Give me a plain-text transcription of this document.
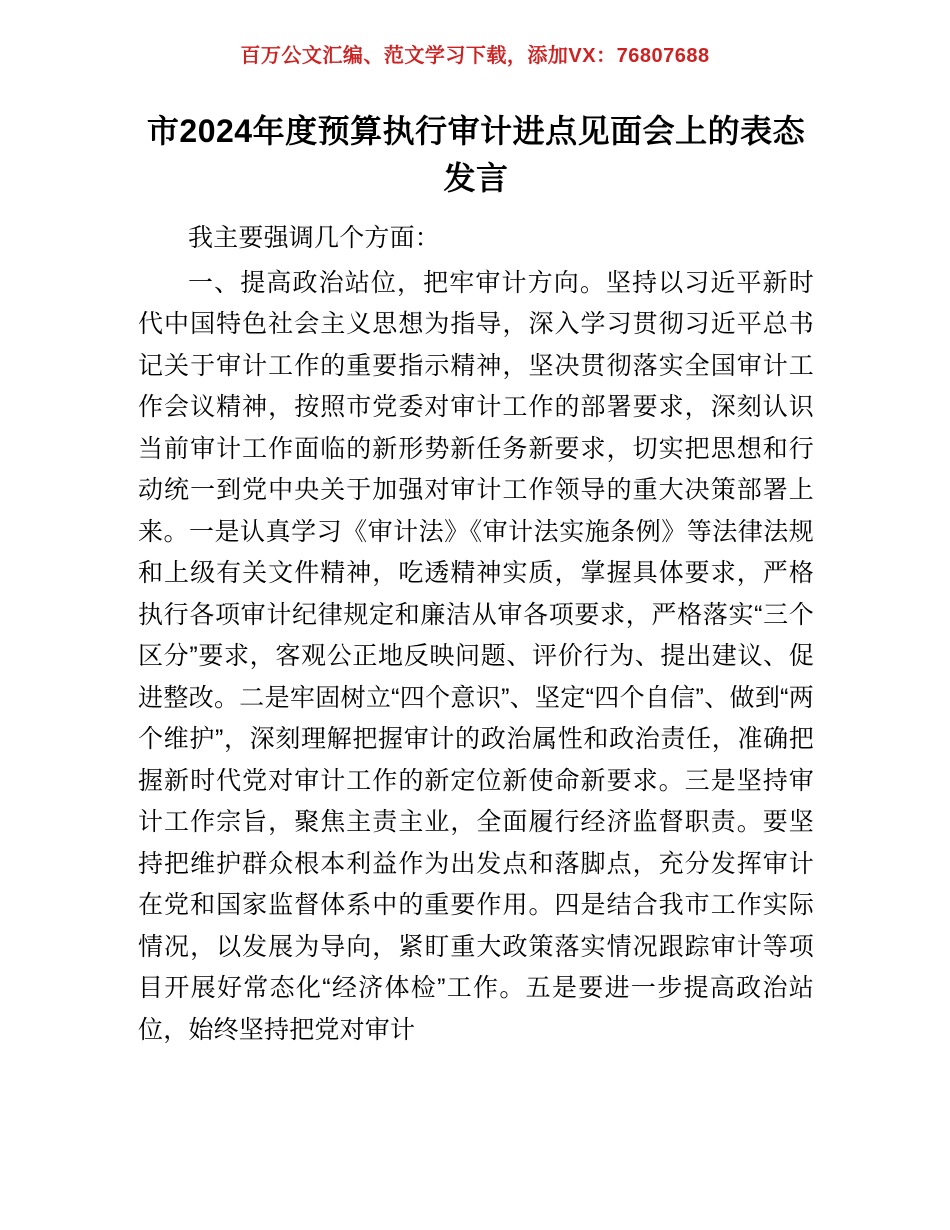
百万公文汇编、范文学习下载，添加VX：76807688
市2024年度预算执行审计进点见面会上的表态发言

我主要强调几个方面：

一、提高政治站位，把牢审计方向。坚持以习近平新时代中国特色社会主义思想为指导，深入学习贯彻习近平总书记关于审计工作的重要指示精神，坚决贯彻落实全国审计工作会议精神，按照市党委对审计工作的部署要求，深刻认识当前审计工作面临的新形势新任务新要求，切实把思想和行动统一到党中央关于加强对审计工作领导的重大决策部署上来。一是认真学习《审计法》《审计法实施条例》等法律法规和上级有关文件精神，吃透精神实质，掌握具体要求，严格执行各项审计纪律规定和廉洁从审各项要求，严格落实“三个区分”要求，客观公正地反映问题、评价行为、提出建议、促进整改。二是牢固树立“四个意识”、坚定“四个自信”、做到“两个维护”，深刻理解把握审计的政治属性和政治责任，准确把握新时代党对审计工作的新定位新使命新要求。三是坚持审计工作宗旨，聚焦主责主业，全面履行经济监督职责。要坚持把维护群众根本利益作为出发点和落脚点，充分发挥审计在党和国家监督体系中的重要作用。四是结合我市工作实际情况，以发展为导向，紧盯重大政策落实情况跟踪审计等项目开展好常态化“经济体检”工作。五是要进一步提高政治站位，始终坚持把党对审计
